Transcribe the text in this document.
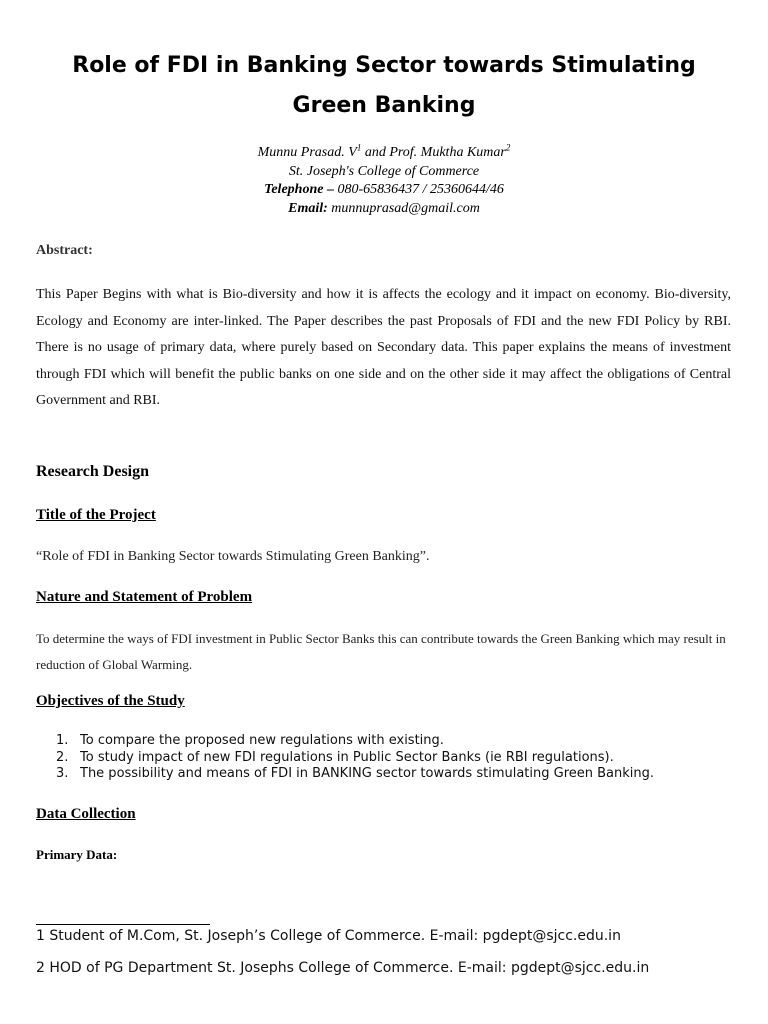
Role of FDI in Banking Sector towards Stimulating Green Banking
Munnu Prasad. $V^1$ and Prof. Muktha Kumar$^2$
St. Joseph's College of Commerce
Telephone – 080-65836437 / 25360644/46
Email: munnuprasad@gmail.com
Abstract:

This Paper Begins with what is Bio-diversity and how it is affects the ecology and it impact on economy. Bio-diversity, Ecology and Economy are inter-linked. The Paper describes the past Proposals of FDI and the new FDI Policy by RBI. There is no usage of primary data, where purely based on Secondary data. This paper explains the means of investment through FDI which will benefit the public banks on one side and on the other side it may affect the obligations of Central Government and RBI.

Research Design
Title of the Project

“Role of FDI in Banking Sector towards Stimulating Green Banking”.

Nature and Statement of Problem

To determine the ways of FDI investment in Public Sector Banks this can contribute towards the Green Banking which may result in reduction of Global Warming.

Objectives of the Study
1. To compare the proposed new regulations with existing.
2. To study impact of new FDI regulations in Public Sector Banks (ie RBI regulations).
3. The possibility and means of FDI in BANKING sector towards stimulating Green Banking.
Data Collection
Primary Data:
1 Student of M.Com, St. Joseph’s College of Commerce. E-mail: pgdept@sjcc.edu.in
2 HOD of PG Department St. Josephs College of Commerce. E-mail: pgdept@sjcc.edu.in
